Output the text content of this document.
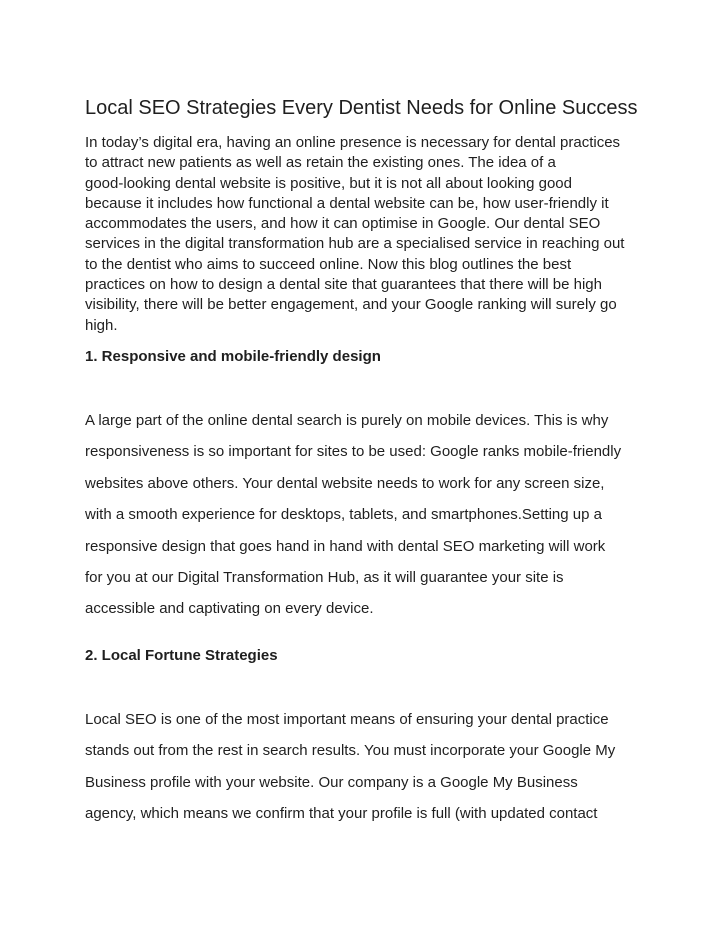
Local SEO Strategies Every Dentist Needs for Online Success

In today’s digital era, having an online presence is necessary for dental practices
to attract new patients as well as retain the existing ones. The idea of a
good-looking dental website is positive, but it is not all about looking good
because it includes how functional a dental website can be, how user-friendly it
accommodates the users, and how it can optimise in Google. Our dental SEO
services in the digital transformation hub are a specialised service in reaching out
to the dentist who aims to succeed online. Now this blog outlines the best
practices on how to design a dental site that guarantees that there will be high
visibility, there will be better engagement, and your Google ranking will surely go
high.

1. Responsive and mobile-friendly design

A large part of the online dental search is purely on mobile devices. This is why
responsiveness is so important for sites to be used: Google ranks mobile-friendly
websites above others. Your dental website needs to work for any screen size,
with a smooth experience for desktops, tablets, and smartphones.Setting up a
responsive design that goes hand in hand with dental SEO marketing will work
for you at our Digital Transformation Hub, as it will guarantee your site is
accessible and captivating on every device.

2. Local Fortune Strategies

Local SEO is one of the most important means of ensuring your dental practice
stands out from the rest in search results. You must incorporate your Google My
Business profile with your website. Our company is a Google My Business
agency, which means we confirm that your profile is full (with updated contact
